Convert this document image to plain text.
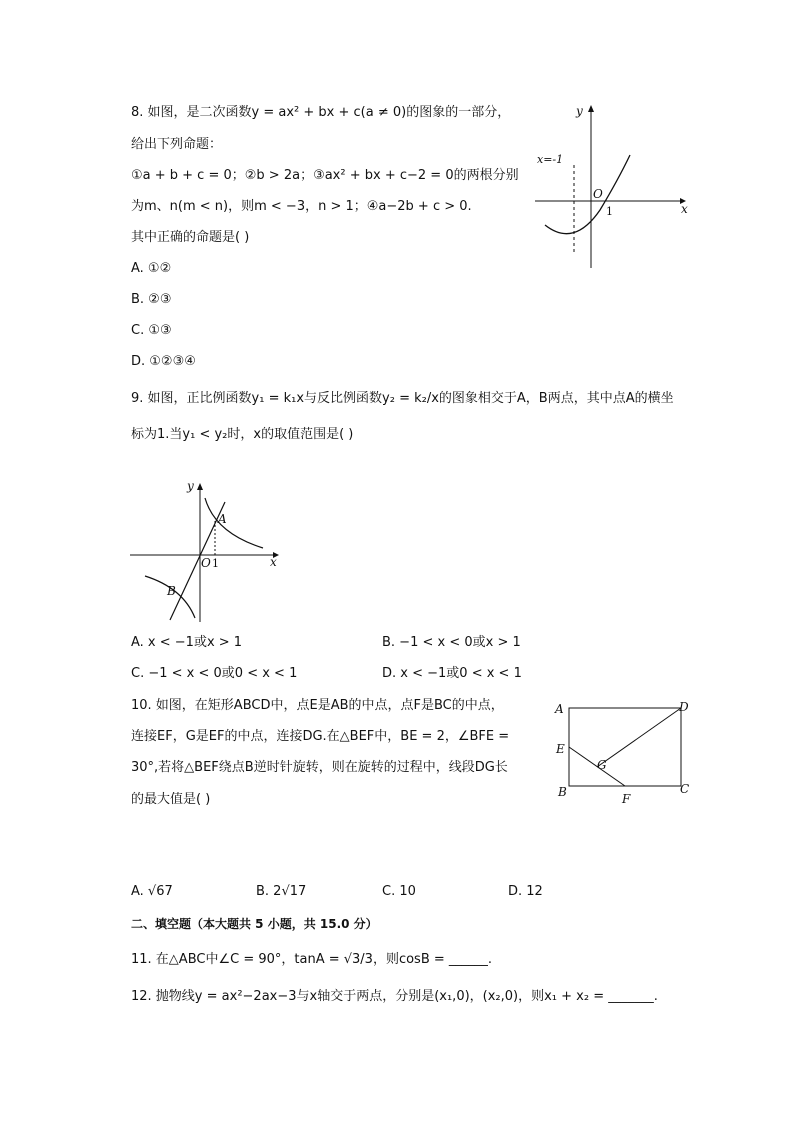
8. 如图，是二次函数y = ax² + bx + c(a ≠ 0)的图象的一部分，
给出下列命题：
①a + b + c = 0；②b > 2a；③ax² + bx + c−2 = 0的两根分别
为m、n(m < n)，则m < −3，n > 1；④a−2b + c > 0.
其中正确的命题是( )
A. ①②
B. ②③
C. ①③
D. ①②③④
y
x
O
1
x=-1
9. 如图，正比例函数y₁ = k₁x与反比例函数y₂ = k₂/x的图象相交于A，B两点，其中点A的横坐
标为1.当y₁ < y₂时，x的取值范围是( )
y
x
O 1
A
B
A. x < −1或x > 1	B. −1 < x < 0或x > 1
C. −1 < x < 0或0 < x < 1	D. x < −1或0 < x < 1
10. 如图，在矩形ABCD中，点E是AB的中点，点F是BC的中点，
连接EF，G是EF的中点，连接DG.在△BEF中，BE = 2，∠BFE =
30°,若将△BEF绕点B逆时针旋转，则在旋转的过程中，线段DG长
的最大值是( )
A	D
E
G
B	C
F
A. √67	B. 2√17	C. 10	D. 12
二、填空题（本大题共 5 小题，共 15.0 分）
11. 在△ABC中∠C = 90°，tanA = √3/3，则cosB = ______.
12. 抛物线y = ax²−2ax−3与x轴交于两点，分别是(x₁,0)，(x₂,0)，则x₁ + x₂ = _______.
